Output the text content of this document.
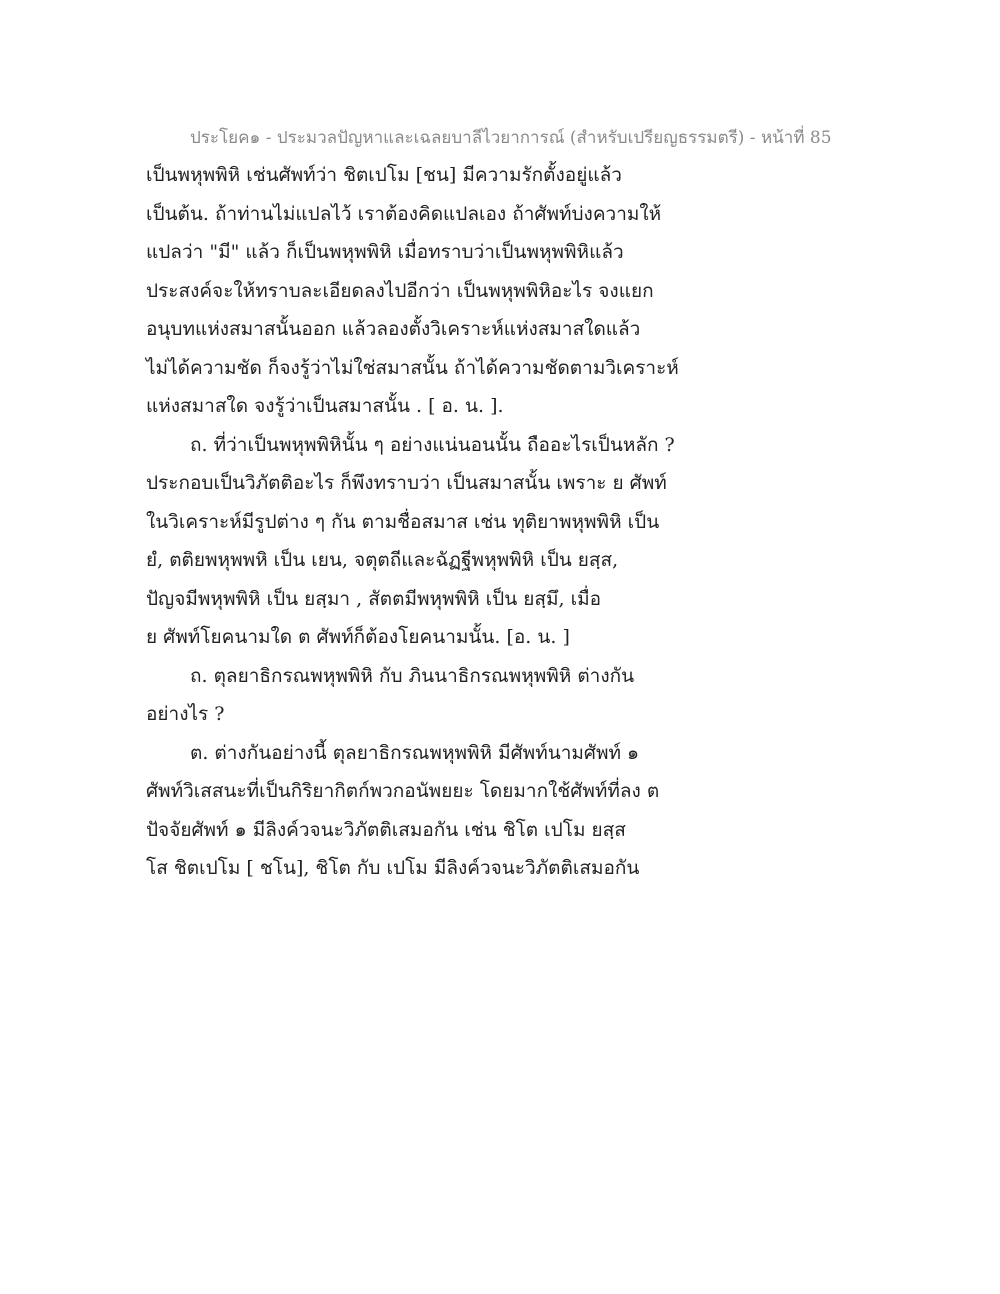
ประโยค๑ - ประมวลปัญหาและเฉลยบาลีไวยาการณ์ (สำหรับเปรียญธรรมตรี) - หน้าที่ 85
เป็นพหุพพิหิ เช่นศัพท์ว่า ชิตเปโม [ชน] มีความรักตั้งอยู่แล้ว
เป็นต้น. ถ้าท่านไม่แปลไว้ เราต้องคิดแปลเอง ถ้าศัพท์บ่งความให้
แปลว่า "มี" แล้ว ก็เป็นพหุพพิหิ เมื่อทราบว่าเป็นพหุพพิหิแล้ว
ประสงค์จะให้ทราบละเอียดลงไปอีกว่า เป็นพหุพพิหิอะไร จงแยก
อนุบทแห่งสมาสนั้นออก แล้วลองตั้งวิเคราะห์แห่งสมาสใดแล้ว
ไม่ได้ความชัด ก็จงรู้ว่าไม่ใช่สมาสนั้น ถ้าได้ความชัดตามวิเคราะห์
แห่งสมาสใด จงรู้ว่าเป็นสมาสนั้น . [ อ. น. ].
ถ. ที่ว่าเป็นพหุพพิหินั้น ๆ อย่างแน่นอนนั้น ถืออะไรเป็นหลัก ?
ประกอบเป็นวิภัตติอะไร ก็พึงทราบว่า เป็นสมาสนั้น เพราะ ย ศัพท์
ในวิเคราะห์มีรูปต่าง ๆ กัน ตามชื่อสมาส เช่น ทุติยาพหุพพิหิ เป็น
ยํ, ตติยพหุพพหิ เป็น เยน, จตุตถีและฉัฏฐีพหุพพิหิ เป็น ยสฺส,
ปัญจมีพหุพพิหิ เป็น ยสฺมา , สัตตมีพหุพพิหิ เป็น ยสฺมึ, เมื่อ
ย ศัพท์โยคนามใด ต ศัพท์ก็ต้องโยคนามนั้น. [อ. น. ]
ถ. ตุลยาธิกรณพหุพพิหิ กับ ภินนาธิกรณพหุพพิหิ ต่างกัน
อย่างไร ?
ต. ต่างกันอย่างนี้ ตุลยาธิกรณพหุพพิหิ มีศัพท์นามศัพท์ ๑
ศัพท์วิเสสนะที่เป็นกิริยากิตก์พวกอนัพยยะ โดยมากใช้ศัพท์ที่ลง ต
ปัจจัยศัพท์ ๑ มีลิงค์วจนะวิภัตติเสมอกัน เช่น ชิโต เปโม ยสฺส
โส ชิตเปโม [ ชโน], ชิโต กับ เปโม มีลิงค์วจนะวิภัตติเสมอกัน
